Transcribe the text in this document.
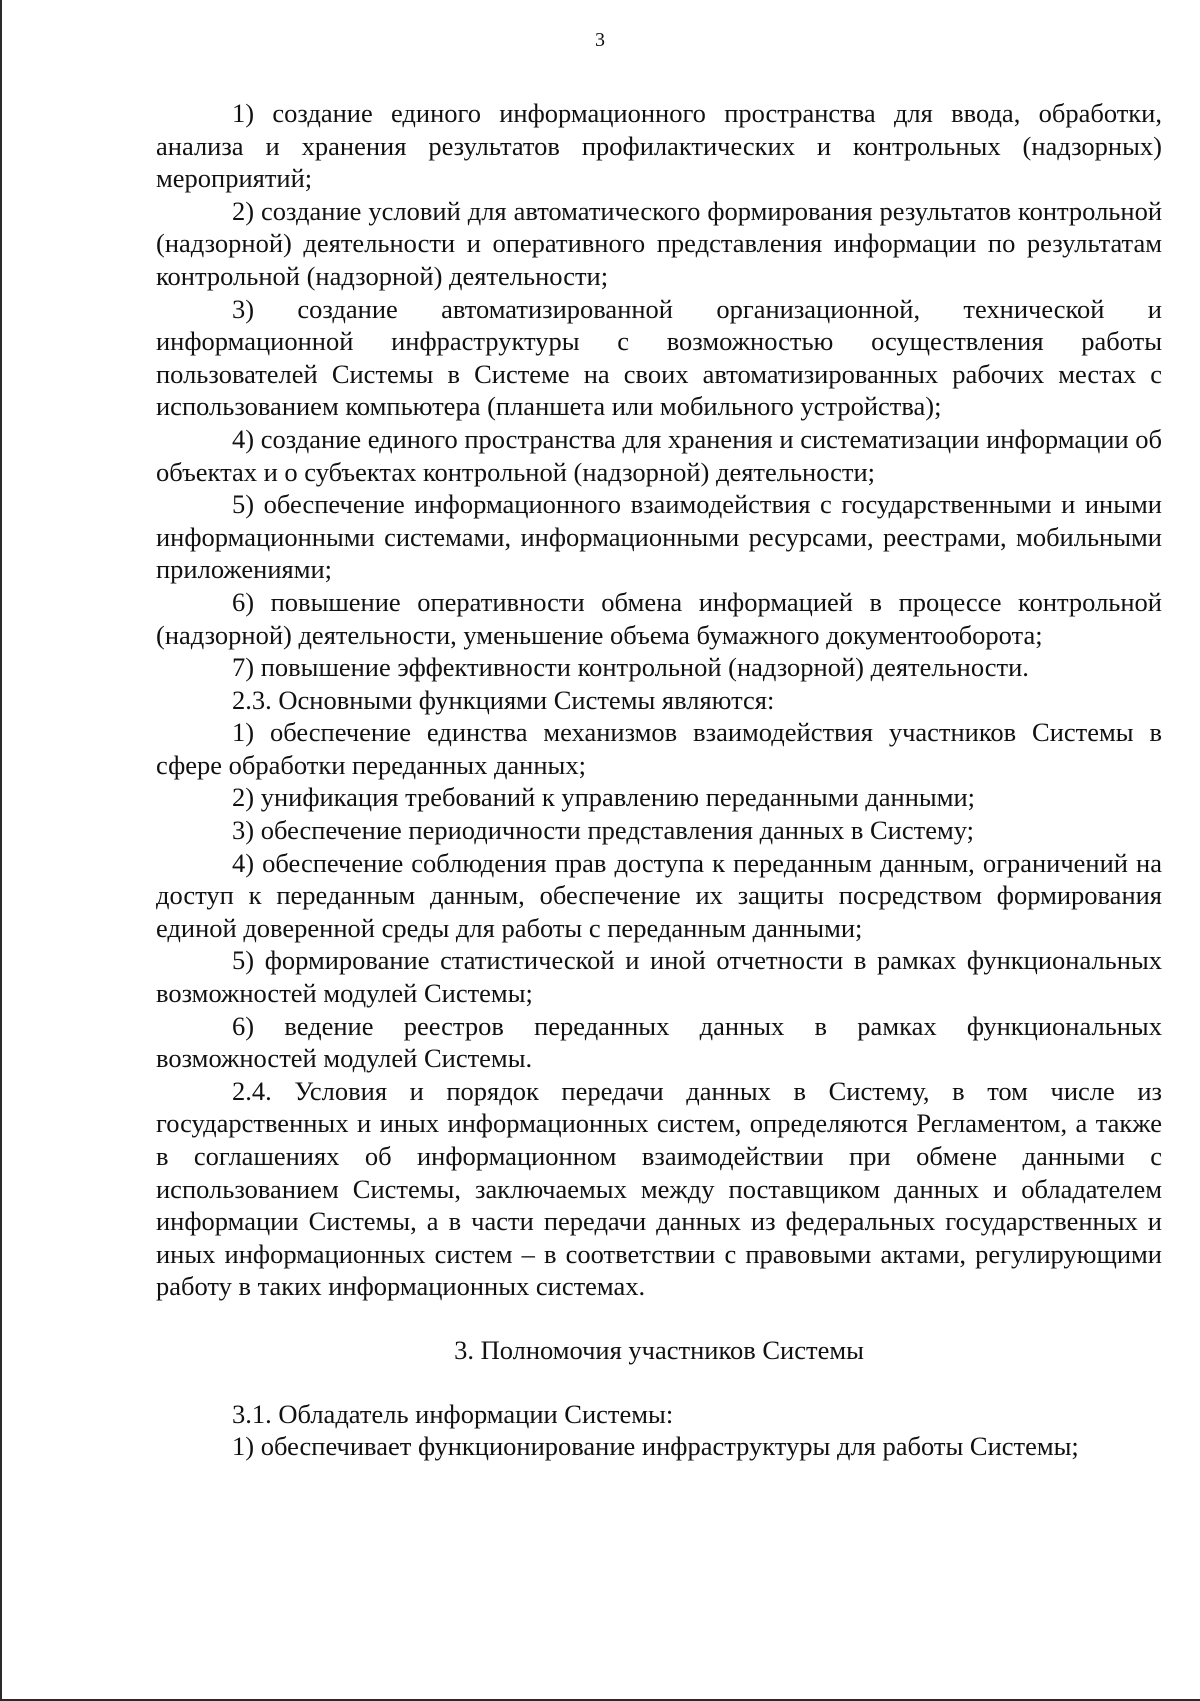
3

1) создание единого информационного пространства для ввода, обработки, анализа и хранения результатов профилактических и контрольных (надзорных) мероприятий;

2) создание условий для автоматического формирования результатов контрольной (надзорной) деятельности и оперативного представления информации по результатам контрольной (надзорной) деятельности;

3) создание автоматизированной организационной, технической и информационной инфраструктуры с возможностью осуществления работы пользователей Системы в Системе на своих автоматизированных рабочих местах с использованием компьютера (планшета или мобильного устройства);

4) создание единого пространства для хранения и систематизации информации об объектах и о субъектах контрольной (надзорной) деятельности;

5) обеспечение информационного взаимодействия с государственными и иными информационными системами, информационными ресурсами, реестрами, мобильными приложениями;

6) повышение оперативности обмена информацией в процессе контрольной (надзорной) деятельности, уменьшение объема бумажного документооборота;

7) повышение эффективности контрольной (надзорной) деятельности.

2.3. Основными функциями Системы являются:

1) обеспечение единства механизмов взаимодействия участников Системы в сфере обработки переданных данных;

2) унификация требований к управлению переданными данными;

3) обеспечение периодичности представления данных в Систему;

4) обеспечение соблюдения прав доступа к переданным данным, ограничений на доступ к переданным данным, обеспечение их защиты посредством формирования единой доверенной среды для работы с переданным данными;

5) формирование статистической и иной отчетности в рамках функциональных возможностей модулей Системы;

6) ведение реестров переданных данных в рамках функциональных возможностей модулей Системы.

2.4. Условия и порядок передачи данных в Систему, в том числе из государственных и иных информационных систем, определяются Регламентом, а также в соглашениях об информационном взаимодействии при обмене данными с использованием Системы, заключаемых между поставщиком данных и обладателем информации Системы, а в части передачи данных из федеральных государственных и иных информационных систем – в соответствии с правовыми актами, регулирующими работу в таких информационных системах.

3. Полномочия участников Системы

3.1. Обладатель информации Системы:

1) обеспечивает функционирование инфраструктуры для работы Системы;
